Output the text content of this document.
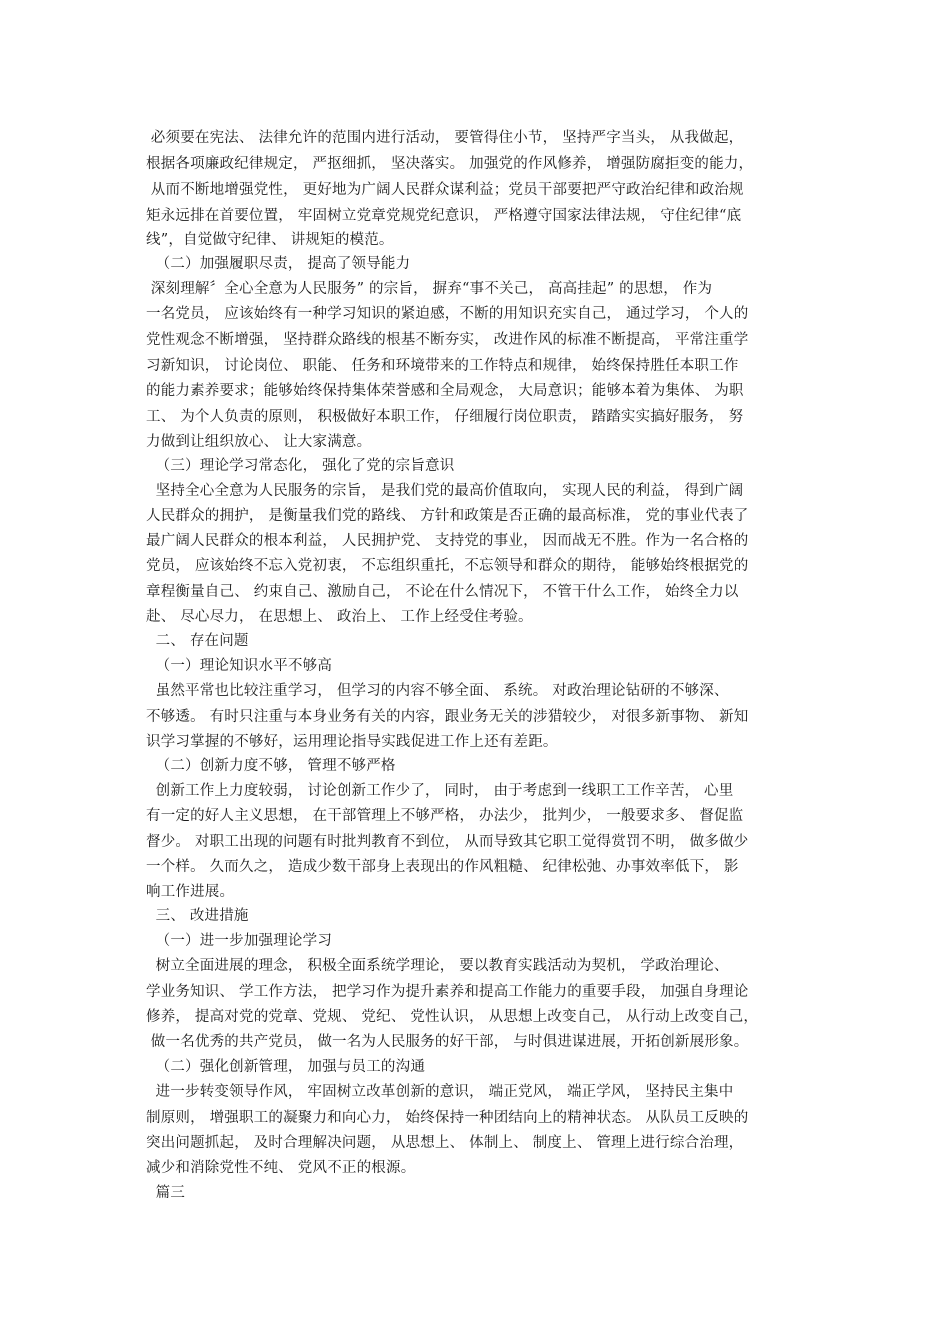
必须要在宪法、 法律允许的范围内进行活动， 要管得住小节， 坚持严字当头， 从我做起，
根据各项廉政纪律规定， 严抠细抓， 坚决落实。 加强党的作风修养， 增强防腐拒变的能力，
从而不断地增强党性， 更好地为广阔人民群众谋利益；党员干部要把严守政治纪律和政治规
矩永远排在首要位置， 牢固树立党章党规党纪意识， 严格遵守国家法律法规， 守住纪律“底
线”，自觉做守纪律、 讲规矩的模范。
（二）加强履职尽责， 提高了领导能力
深刻理解〞全心全意为人民服务” 的宗旨， 摒弃“事不关己， 高高挂起” 的思想， 作为
一名党员， 应该始终有一种学习知识的紧迫感，不断的用知识充实自己， 通过学习， 个人的
党性观念不断增强， 坚持群众路线的根基不断夯实， 改进作风的标准不断提高， 平常注重学
习新知识， 讨论岗位、 职能、 任务和环境带来的工作特点和规律， 始终保持胜任本职工作
的能力素养要求；能够始终保持集体荣誉感和全局观念， 大局意识；能够本着为集体、 为职
工、 为个人负责的原则， 积极做好本职工作， 仔细履行岗位职责， 踏踏实实搞好服务， 努
力做到让组织放心、 让大家满意。
（三）理论学习常态化， 强化了党的宗旨意识
坚持全心全意为人民服务的宗旨， 是我们党的最高价值取向， 实现人民的利益， 得到广阔
人民群众的拥护， 是衡量我们党的路线、 方针和政策是否正确的最高标准， 党的事业代表了
最广阔人民群众的根本利益， 人民拥护党、 支持党的事业， 因而战无不胜。作为一名合格的
党员， 应该始终不忘入党初衷， 不忘组织重托，不忘领导和群众的期待， 能够始终根据党的
章程衡量自己、 约束自己、激励自己， 不论在什么情况下， 不管干什么工作， 始终全力以
赴、 尽心尽力， 在思想上、 政治上、 工作上经受住考验。
二、 存在问题
（一）理论知识水平不够高
虽然平常也比较注重学习， 但学习的内容不够全面、 系统。 对政治理论钻研的不够深、
不够透。 有时只注重与本身业务有关的内容，跟业务无关的涉猎较少， 对很多新事物、 新知
识学习掌握的不够好，运用理论指导实践促进工作上还有差距。
（二）创新力度不够， 管理不够严格
创新工作上力度较弱， 讨论创新工作少了， 同时， 由于考虑到一线职工工作辛苦， 心里
有一定的好人主义思想， 在干部管理上不够严格， 办法少， 批判少， 一般要求多、 督促监
督少。 对职工出现的问题有时批判教育不到位， 从而导致其它职工觉得赏罚不明， 做多做少
一个样。 久而久之， 造成少数干部身上表现出的作风粗糙、 纪律松弛、办事效率低下， 影
响工作进展。
三、 改进措施
（一）进一步加强理论学习
树立全面进展的理念， 积极全面系统学理论， 要以教育实践活动为契机， 学政治理论、
学业务知识、 学工作方法， 把学习作为提升素养和提高工作能力的重要手段， 加强自身理论
修养， 提高对党的党章、党规、 党纪、 党性认识， 从思想上改变自己， 从行动上改变自己，
做一名优秀的共产党员， 做一名为人民服务的好干部， 与时俱进谋进展，开拓创新展形象。
（二）强化创新管理， 加强与员工的沟通
进一步转变领导作风， 牢固树立改革创新的意识， 端正党风， 端正学风， 坚持民主集中
制原则， 增强职工的凝聚力和向心力， 始终保持一种团结向上的精神状态。 从队员工反映的
突出问题抓起， 及时合理解决问题， 从思想上、 体制上、 制度上、 管理上进行综合治理，
减少和消除党性不纯、 党风不正的根源。
篇三
